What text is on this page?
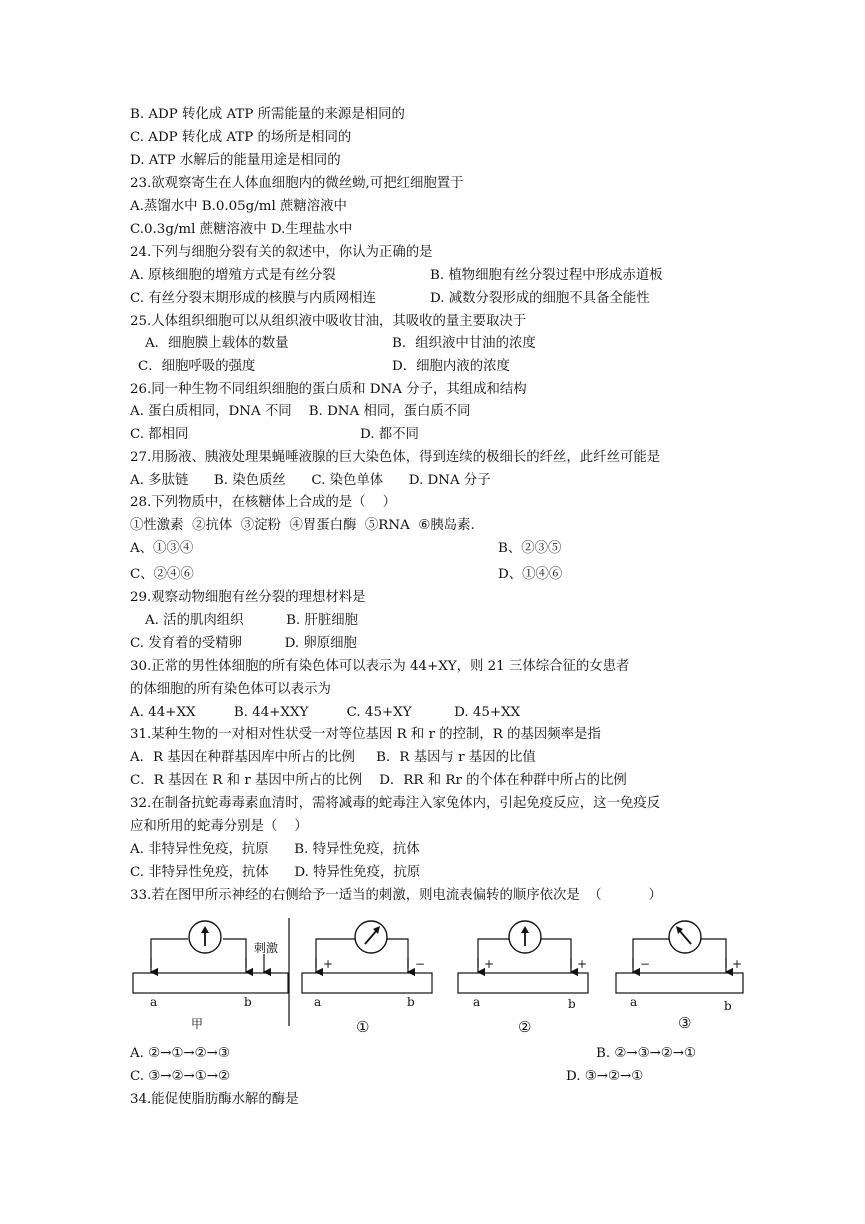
B. ADP 转化成 ATP 所需能量的来源是相同的
C. ADP 转化成 ATP 的场所是相同的
D. ATP 水解后的能量用途是相同的
23.欲观察寄生在人体血细胞内的微丝蚴,可把红细胞置于
A.蒸馏水中 B.0.05g/ml 蔗糖溶液中
C.0.3g/ml 蔗糖溶液中 D.生理盐水中
24.下列与细胞分裂有关的叙述中，你认为正确的是
A. 原核细胞的增殖方式是有丝分裂	B. 植物细胞有丝分裂过程中形成赤道板
C. 有丝分裂末期形成的核膜与内质网相连	D. 减数分裂形成的细胞不具备全能性
25.人体组织细胞可以从组织液中吸收甘油，其吸收的量主要取决于
A．细胞膜上载体的数量	B．组织液中甘油的浓度
C．细胞呼吸的强度	D．细胞内液的浓度
26.同一种生物不同组织细胞的蛋白质和 DNA 分子，其组成和结构
A. 蛋白质相同，DNA 不同    B. DNA 相同，蛋白质不同
C. 都相同	D. 都不同
27.用肠液、胰液处理果蝇唾液腺的巨大染色体，得到连续的极细长的纤丝，此纤丝可能是
A. 多肽链      B. 染色质丝      C. 染色单体      D. DNA 分子
28.下列物质中，在核糖体上合成的是（    ）
①性激素  ②抗体  ③淀粉  ④胃蛋白酶  ⑤RNA  ⑥胰岛素.
A、①③④	B、②③⑤
C、②④⑥	D、①④⑥
29.观察动物细胞有丝分裂的理想材料是
A. 活的肌肉组织          B. 肝脏细胞
C. 发育着的受精卵          D. 卵原细胞
30.正常的男性体细胞的所有染色体可以表示为 44+XY，则 21 三体综合征的女患者
的体细胞的所有染色体可以表示为
A. 44+XX         B. 44+XXY         C. 45+XY          D. 45+XX
31.某种生物的一对相对性状受一对等位基因 R 和 r 的控制，R 的基因频率是指
A．R 基因在种群基因库中所占的比例     B．R 基因与 r 基因的比值
C．R 基因在 R 和 r 基因中所占的比例    D．RR 和 Rr 的个体在种群中所占的比例
32.在制备抗蛇毒毒素血清时，需将减毒的蛇毒注入家兔体内，引起免疫反应，这一免疫反
应和所用的蛇毒分别是（    ）
A. 非特异性免疫，抗原      B. 特异性免疫，抗体
C. 非特异性免疫，抗体      D. 特异性免疫，抗原
33.若在图甲所示神经的右侧给予一适当的刺激，则电流表偏转的顺序依次是  （           ）
刺激
a	b
甲
+	−
a	b
①
+	+
a	b
②
−	+
a	b
③
A. ②→①→②→③	B. ②→③→②→①
C. ③→②→①→②	D. ③→②→①
34.能促使脂肪酶水解的酶是
